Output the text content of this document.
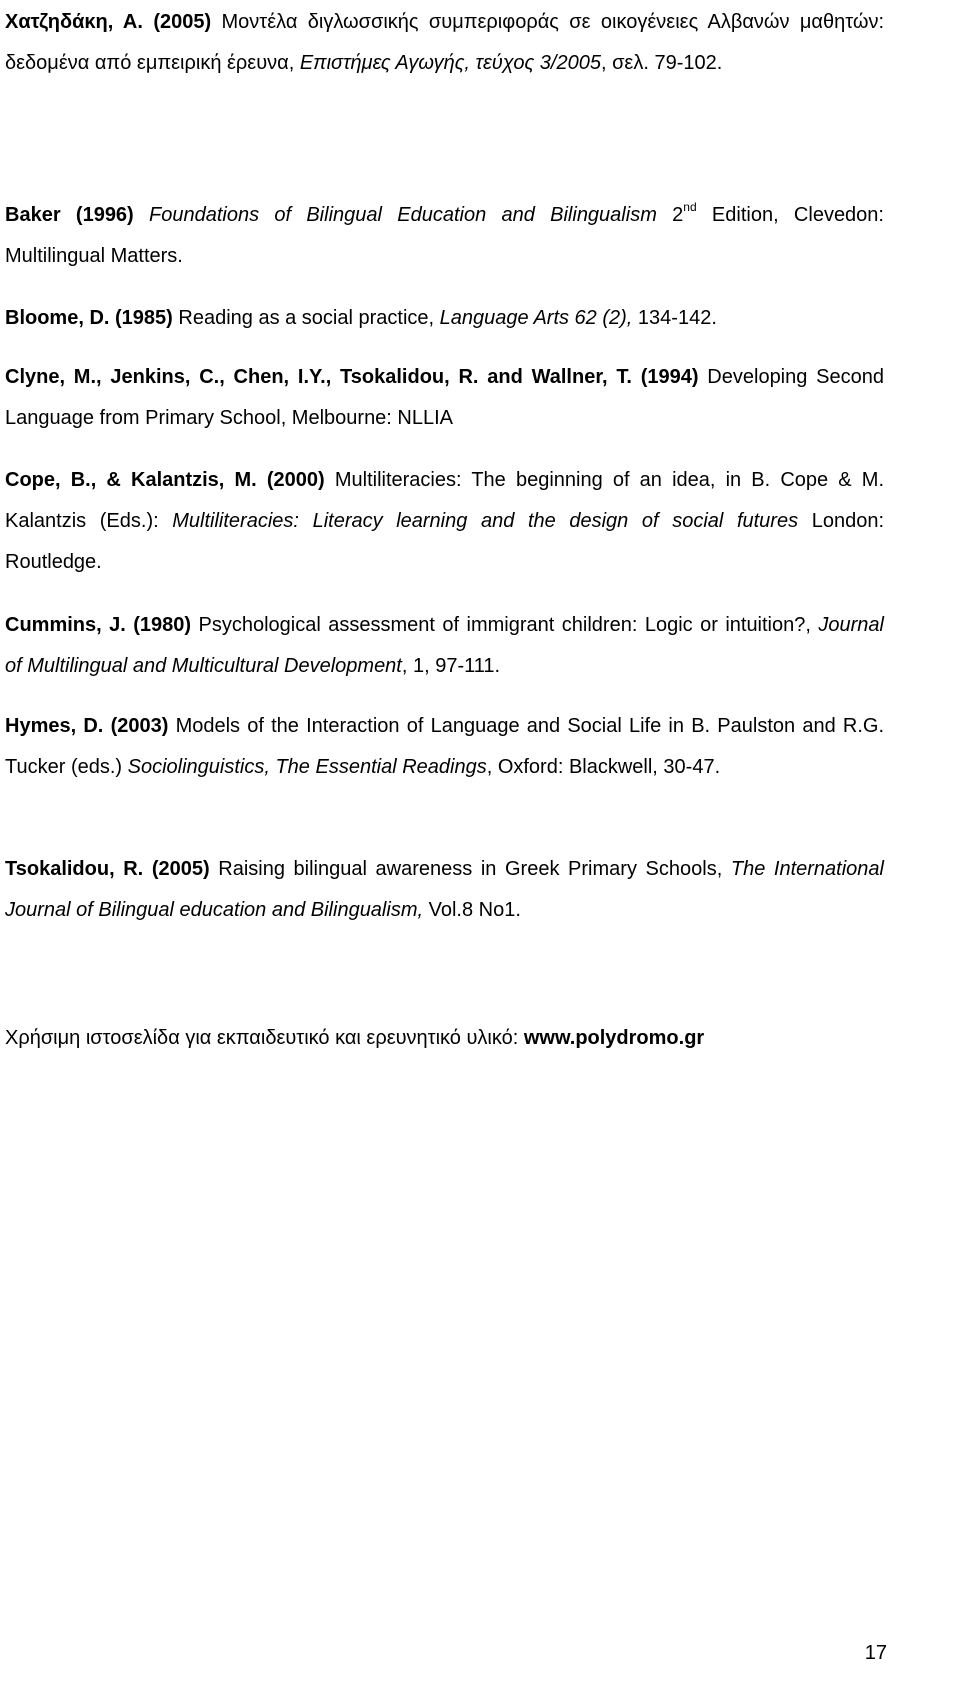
Χατζηδάκη, Α. (2005) Μοντέλα διγλωσσικής συμπεριφοράς σε οικογένειες Αλβανών μαθητών: δεδομένα από εμπειρική έρευνα, Επιστήμες Αγωγής, τεύχος 3/2005, σελ. 79-102.

Baker (1996) Foundations of Bilingual Education and Bilingualism 2nd Edition, Clevedon: Multilingual Matters.

Bloome, D. (1985) Reading as a social practice, Language Arts 62 (2), 134-142.

Clyne, M., Jenkins, C., Chen, I.Y., Tsokalidou, R. and Wallner, T. (1994) Developing Second Language from Primary School, Melbourne: NLLIA

Cope, B., & Kalantzis, M. (2000) Multiliteracies: The beginning of an idea, in B. Cope & M. Kalantzis (Eds.): Multiliteracies: Literacy learning and the design of social futures London: Routledge.

Cummins, J. (1980) Psychological assessment of immigrant children: Logic or intuition?, Journal of Multilingual and Multicultural Development, 1, 97-111.

Hymes, D. (2003) Models of the Interaction of Language and Social Life in B. Paulston and R.G. Tucker (eds.) Sociolinguistics, The Essential Readings, Oxford: Blackwell, 30-47.

Tsokalidou, R. (2005) Raising bilingual awareness in Greek Primary Schools, The International Journal of Bilingual education and Bilingualism, Vol.8 No1.

Χρήσιμη ιστοσελίδα για εκπαιδευτικό και ερευνητικό υλικό: www.polydromo.gr

17
